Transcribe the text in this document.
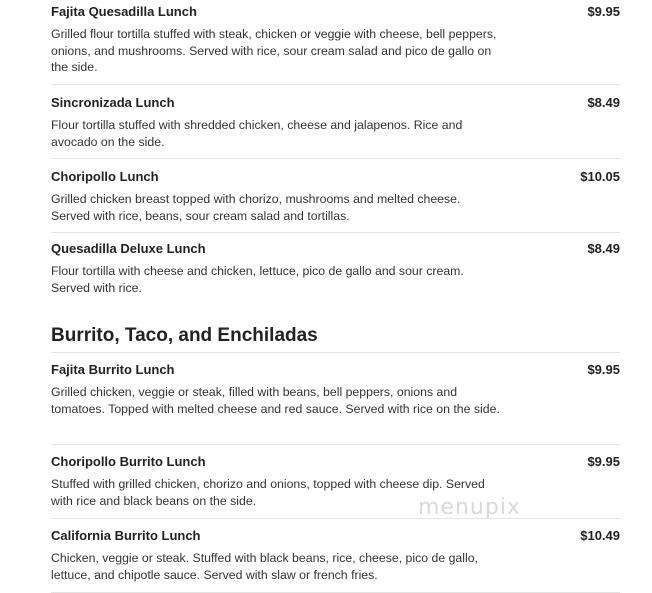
Fajita Quesadilla Lunch	$9.95
Grilled flour tortilla stuffed with steak, chicken or veggie with cheese, bell peppers, onions, and mushrooms. Served with rice, sour cream salad and pico de gallo on the side.
Sincronizada Lunch	$8.49
Flour tortilla stuffed with shredded chicken, cheese and jalapenos. Rice and avocado on the side.
Choripollo Lunch	$10.05
Grilled chicken breast topped with chorizo, mushrooms and melted cheese. Served with rice, beans, sour cream salad and tortillas.
Quesadilla Deluxe Lunch	$8.49
Flour tortilla with cheese and chicken, lettuce, pico de gallo and sour cream. Served with rice.
Burrito, Taco, and Enchiladas
Fajita Burrito Lunch	$9.95
Grilled chicken, veggie or steak, filled with beans, bell peppers, onions and tomatoes. Topped with melted cheese and red sauce. Served with rice on the side.
Choripollo Burrito Lunch	$9.95
Stuffed with grilled chicken, chorizo and onions, topped with cheese dip. Served with rice and black beans on the side.
California Burrito Lunch	$10.49
Chicken, veggie or steak. Stuffed with black beans, rice, cheese, pico de gallo, lettuce, and chipotle sauce. Served with slaw or french fries.
menupix
